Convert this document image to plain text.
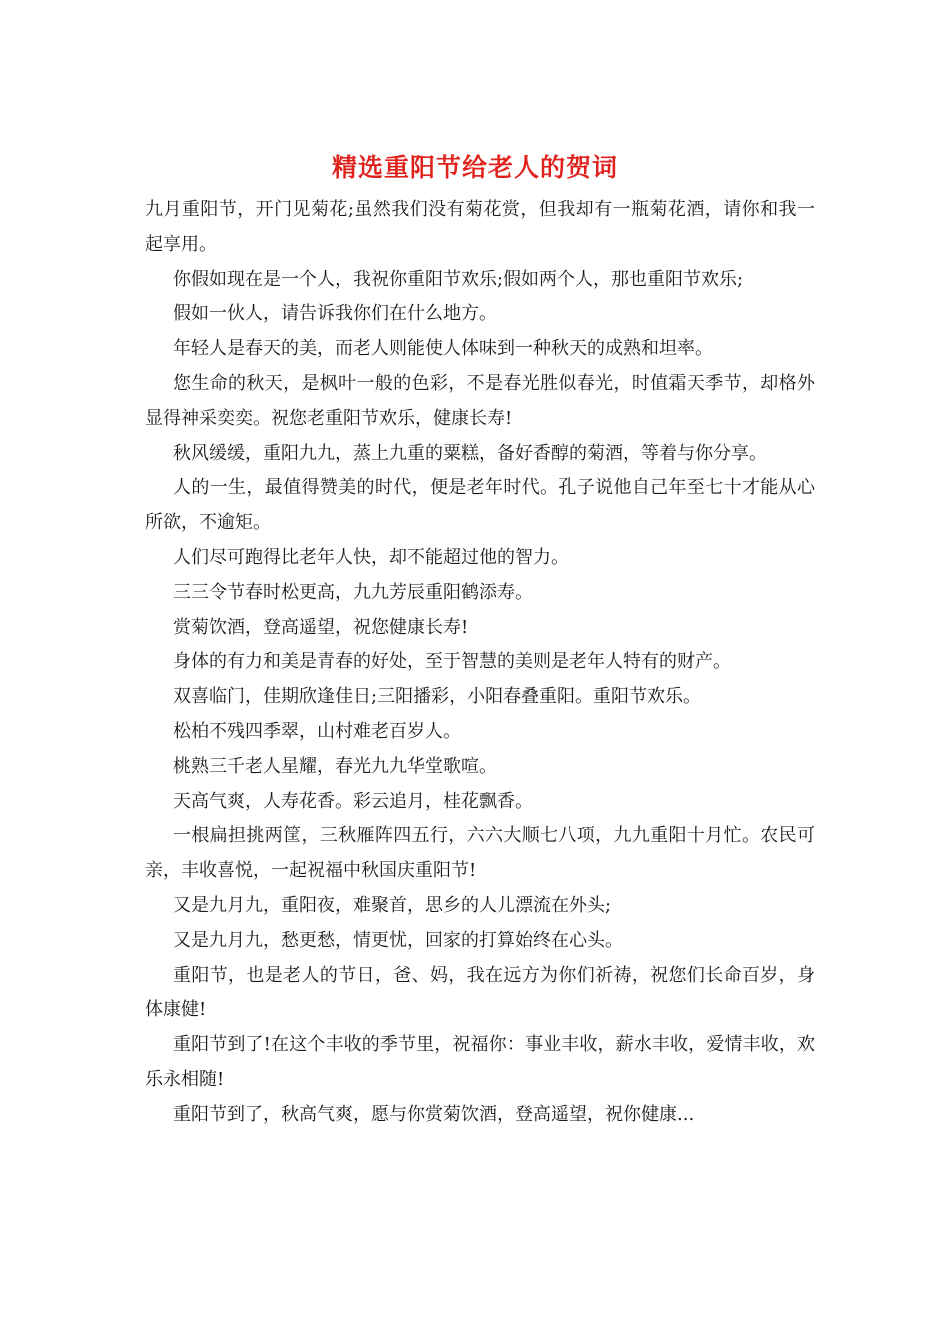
精选重阳节给老人的贺词

九月重阳节，开门见菊花;虽然我们没有菊花赏，但我却有一瓶菊花酒，请你和我一起享用。

你假如现在是一个人，我祝你重阳节欢乐;假如两个人，那也重阳节欢乐;

假如一伙人，请告诉我你们在什么地方。

年轻人是春天的美，而老人则能使人体味到一种秋天的成熟和坦率。

您生命的秋天，是枫叶一般的色彩，不是春光胜似春光，时值霜天季节，却格外显得神采奕奕。祝您老重阳节欢乐，健康长寿!

秋风缓缓，重阳九九，蒸上九重的粟糕，备好香醇的菊酒，等着与你分享。

人的一生，最值得赞美的时代，便是老年时代。孔子说他自己年至七十才能从心所欲，不逾矩。

人们尽可跑得比老年人快，却不能超过他的智力。

三三令节春时松更高，九九芳辰重阳鹤添寿。

赏菊饮酒，登高遥望，祝您健康长寿!

身体的有力和美是青春的好处，至于智慧的美则是老年人特有的财产。

双喜临门，佳期欣逢佳日;三阳播彩，小阳春叠重阳。重阳节欢乐。

松柏不残四季翠，山村难老百岁人。

桃熟三千老人星耀，春光九九华堂歌喧。

天高气爽，人寿花香。彩云追月，桂花飘香。

一根扁担挑两筐，三秋雁阵四五行，六六大顺七八项，九九重阳十月忙。农民可亲，丰收喜悦，一起祝福中秋国庆重阳节!

又是九月九，重阳夜，难聚首，思乡的人儿漂流在外头;

又是九月九，愁更愁，情更忧，回家的打算始终在心头。

重阳节，也是老人的节日，爸、妈，我在远方为你们祈祷，祝您们长命百岁，身体康健!

重阳节到了!在这个丰收的季节里，祝福你：事业丰收，薪水丰收，爱情丰收，欢乐永相随!

重阳节到了，秋高气爽，愿与你赏菊饮酒，登高遥望，祝你健康...
